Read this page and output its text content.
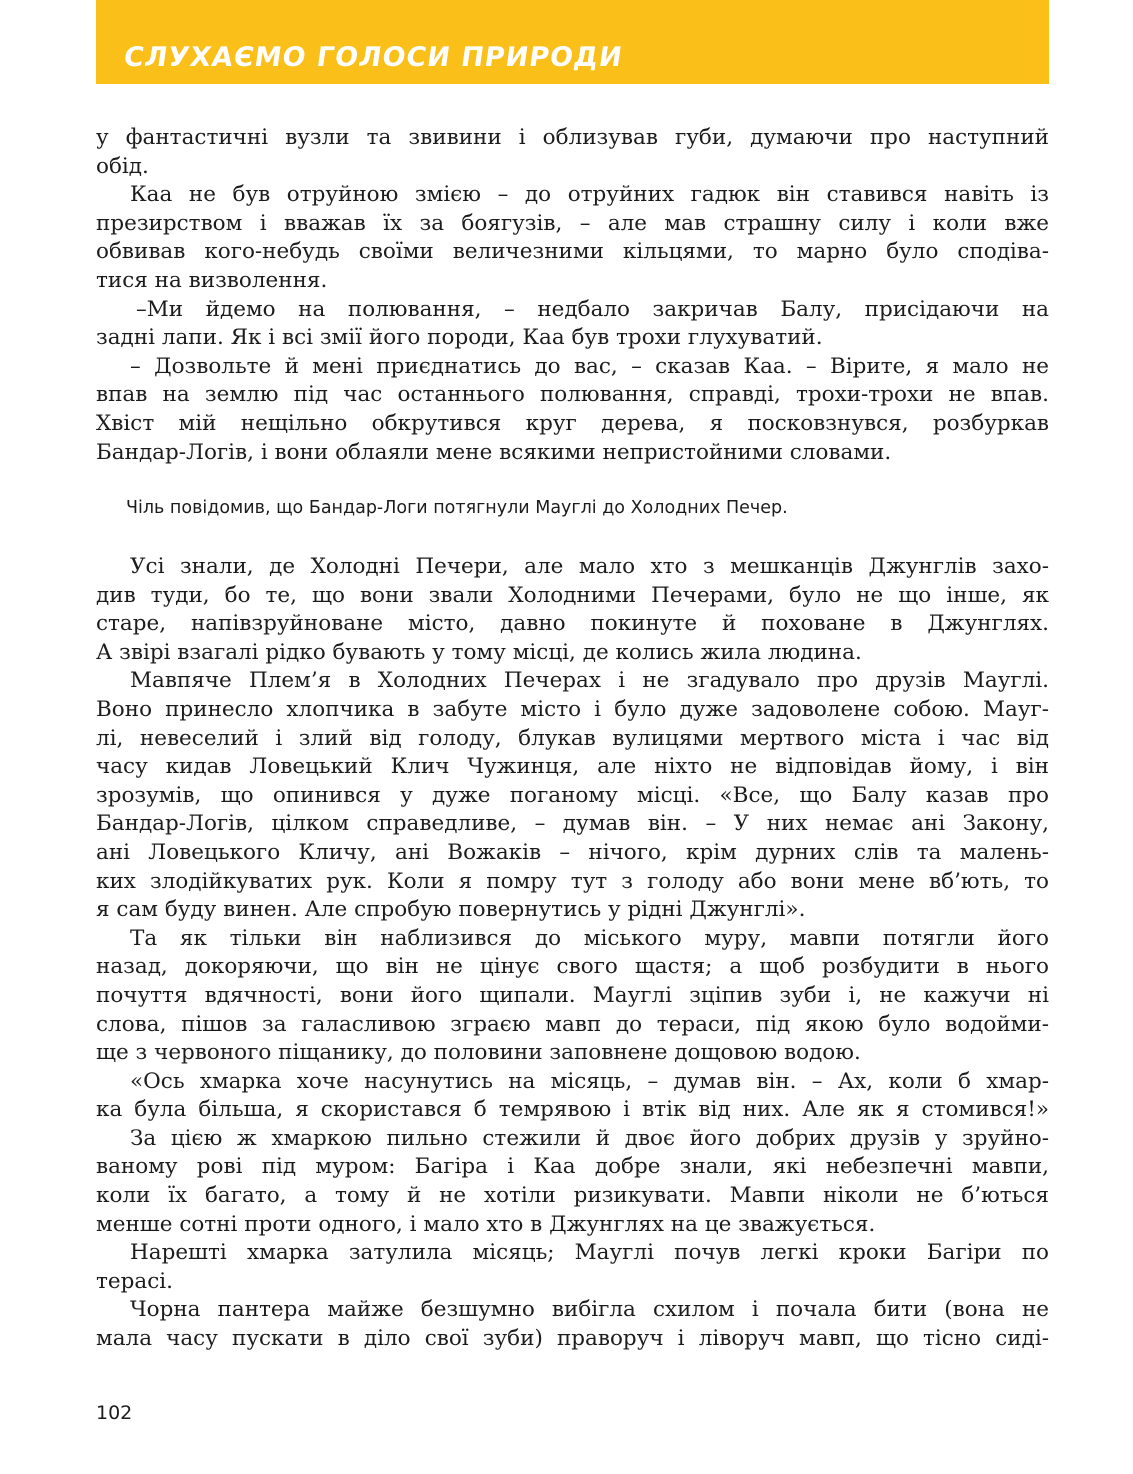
СЛУХАЄМО ГОЛОСИ ПРИРОДИ
у фантастичні вузли та звивини і облизував губи, думаючи про наступний
обід.
Каа не був отруйною змією – до отруйних гадюк він ставився навіть із
презирством і вважав їх за боягузів, – але мав страшну силу і коли вже
обвивав кого-небудь своїми величезними кільцями, то марно було сподіва-
тися на визволення.
–Ми йдемо на полювання, – недбало закричав Балу, присідаючи на
задні лапи. Як і всі змії його породи, Каа був трохи глухуватий.
– Дозвольте й мені приєднатись до вас, – сказав Каа. – Вірите, я мало не
впав на землю під час останнього полювання, справді, трохи-трохи не впав.
Хвіст мій нещільно обкрутився круг дерева, я посковзнувся, розбуркав
Бандар-Логів, і вони облаяли мене всякими непристойними словами.
Чіль повідомив, що Бандар-Логи потягнули Мауглі до Холодних Печер.
Усі знали, де Холодні Печери, але мало хто з мешканців Джунглів захо-
див туди, бо те, що вони звали Холодними Печерами, було не що інше, як
старе, напівзруйноване місто, давно покинуте й поховане в Джунглях.
А звірі взагалі рідко бувають у тому місці, де колись жила людина.
Мавпяче Плем’я в Холодних Печерах і не згадувало про друзів Мауглі.
Воно принесло хлопчика в забуте місто і було дуже задоволене собою. Мауг-
лі, невеселий і злий від голоду, блукав вулицями мертвого міста і час від
часу кидав Ловецький Клич Чужинця, але ніхто не відповідав йому, і він
зрозумів, що опинився у дуже поганому місці. «Все, що Балу казав про
Бандар-Логів, цілком справедливе, – думав він. – У них немає ані Закону,
ані Ловецького Кличу, ані Вожаків – нічого, крім дурних слів та малень-
ких злодійкуватих рук. Коли я помру тут з голоду або вони мене вб’ють, то
я сам буду винен. Але спробую повернутись у рідні Джунглі».
Та як тільки він наблизився до міського муру, мавпи потягли його
назад, докоряючи, що він не цінує свого щастя; а щоб розбудити в нього
почуття вдячності, вони його щипали. Мауглі зціпив зуби і, не кажучи ні
слова, пішов за галасливою зграєю мавп до тераси, під якою було водойми-
ще з червоного піщанику, до половини заповнене дощовою водою.
«Ось хмарка хоче насунутись на місяць, – думав він. – Ах, коли б хмар-
ка була більша, я скористався б темрявою і втік від них. Але як я стомився!»
За цією ж хмаркою пильно стежили й двоє його добрих друзів у зруйно-
ваному рові під муром: Багіра і Каа добре знали, які небезпечні мавпи,
коли їх багато, а тому й не хотіли ризикувати. Мавпи ніколи не б’ються
менше сотні проти одного, і мало хто в Джунглях на це зважується.
Нарешті хмарка затулила місяць; Мауглі почув легкі кроки Багіри по
терасі.
Чорна пантера майже безшумно вибігла схилом і почала бити (вона не
мала часу пускати в діло свої зуби) праворуч і ліворуч мавп, що тісно сиді-
102
